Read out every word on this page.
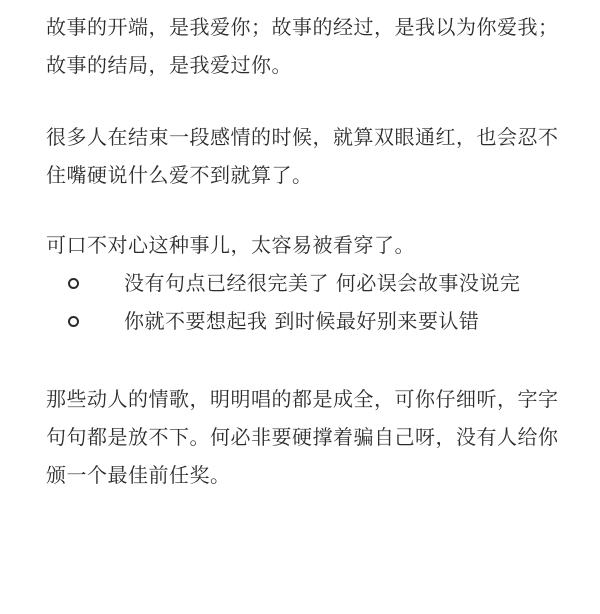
故事的开端，是我爱你；故事的经过，是我以为你爱我；故事的结局，是我爱过你。

很多人在结束一段感情的时候，就算双眼通红，也会忍不住嘴硬说什么爱不到就算了。

可口不对心这种事儿，太容易被看穿了。

没有句点已经很完美了 何必误会故事没说完
你就不要想起我 到时候最好别来要认错

那些动人的情歌，明明唱的都是成全，可你仔细听，字字句句都是放不下。何必非要硬撑着骗自己呀，没有人给你颁一个最佳前任奖。
